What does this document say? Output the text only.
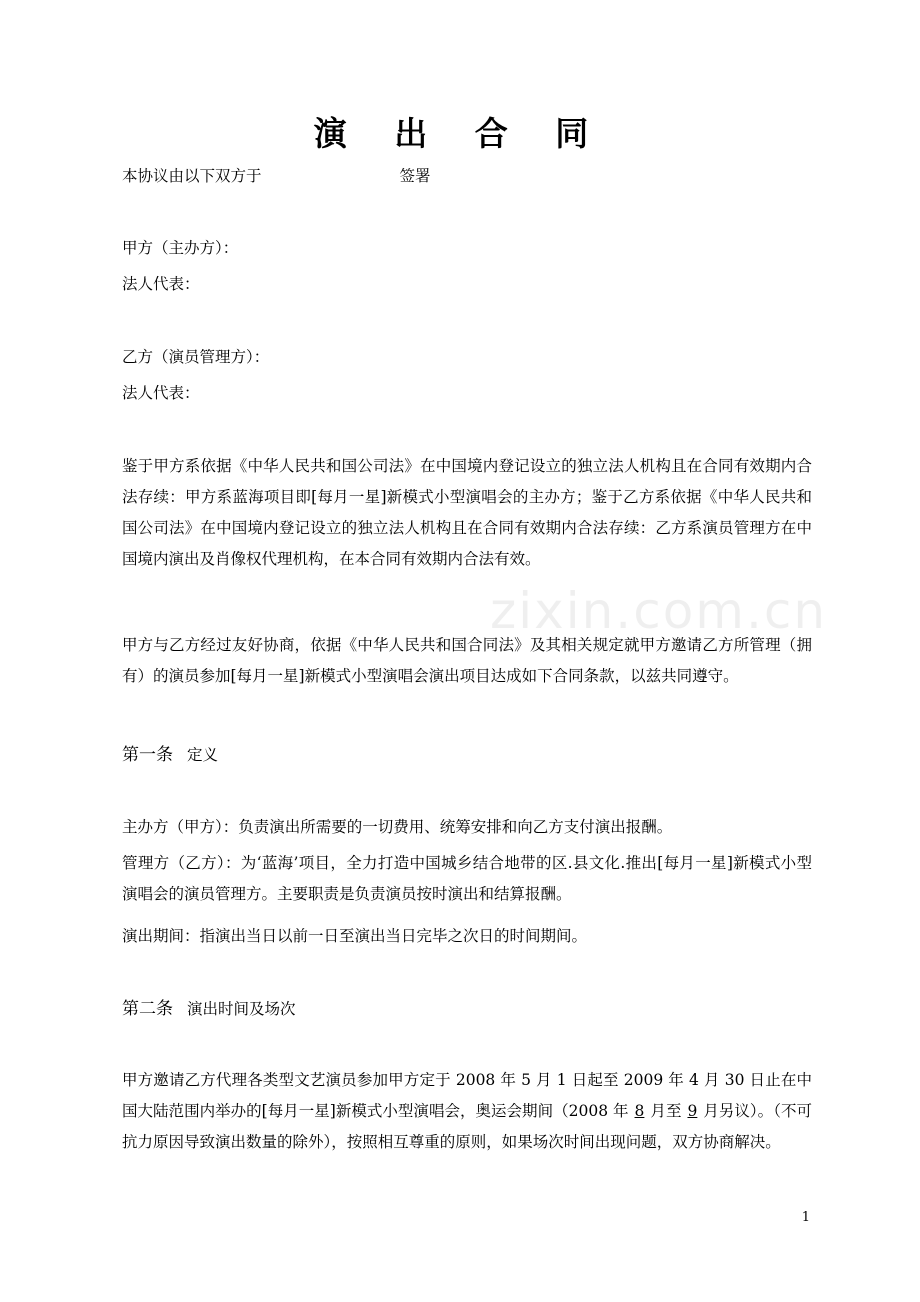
zixin.com.cn
演 出 合 同
本协议由以下双方于	签署
甲方（主办方）：
法人代表：
乙方（演员管理方）：
法人代表：
鉴于甲方系依据《中华人民共和国公司法》在中国境内登记设立的独立法人机构且在合同有效期内合法存续：甲方系蓝海项目即[每月一星]新模式小型演唱会的主办方；鉴于乙方系依据《中华人民共和国公司法》在中国境内登记设立的独立法人机构且在合同有效期内合法存续：乙方系演员管理方在中国境内演出及肖像权代理机构，在本合同有效期内合法有效。
甲方与乙方经过友好协商，依据《中华人民共和国合同法》及其相关规定就甲方邀请乙方所管理（拥有）的演员参加[每月一星]新模式小型演唱会演出项目达成如下合同条款，以兹共同遵守。
第一条 定义
主办方（甲方）：负责演出所需要的一切费用、统筹安排和向乙方支付演出报酬。
管理方（乙方）：为‘蓝海’项目，全力打造中国城乡结合地带的区.县文化.推出[每月一星]新模式小型演唱会的演员管理方。主要职责是负责演员按时演出和结算报酬。
演出期间：指演出当日以前一日至演出当日完毕之次日的时间期间。
第二条 演出时间及场次
甲方邀请乙方代理各类型文艺演员参加甲方定于 2008 年 5 月 1 日起至 2009 年 4 月 30 日止在中国大陆范围内举办的[每月一星]新模式小型演唱会，奥运会期间（2008 年 8 月至 9 月另议）。（不可抗力原因导致演出数量的除外），按照相互尊重的原则，如果场次时间出现问题，双方协商解决。
1
